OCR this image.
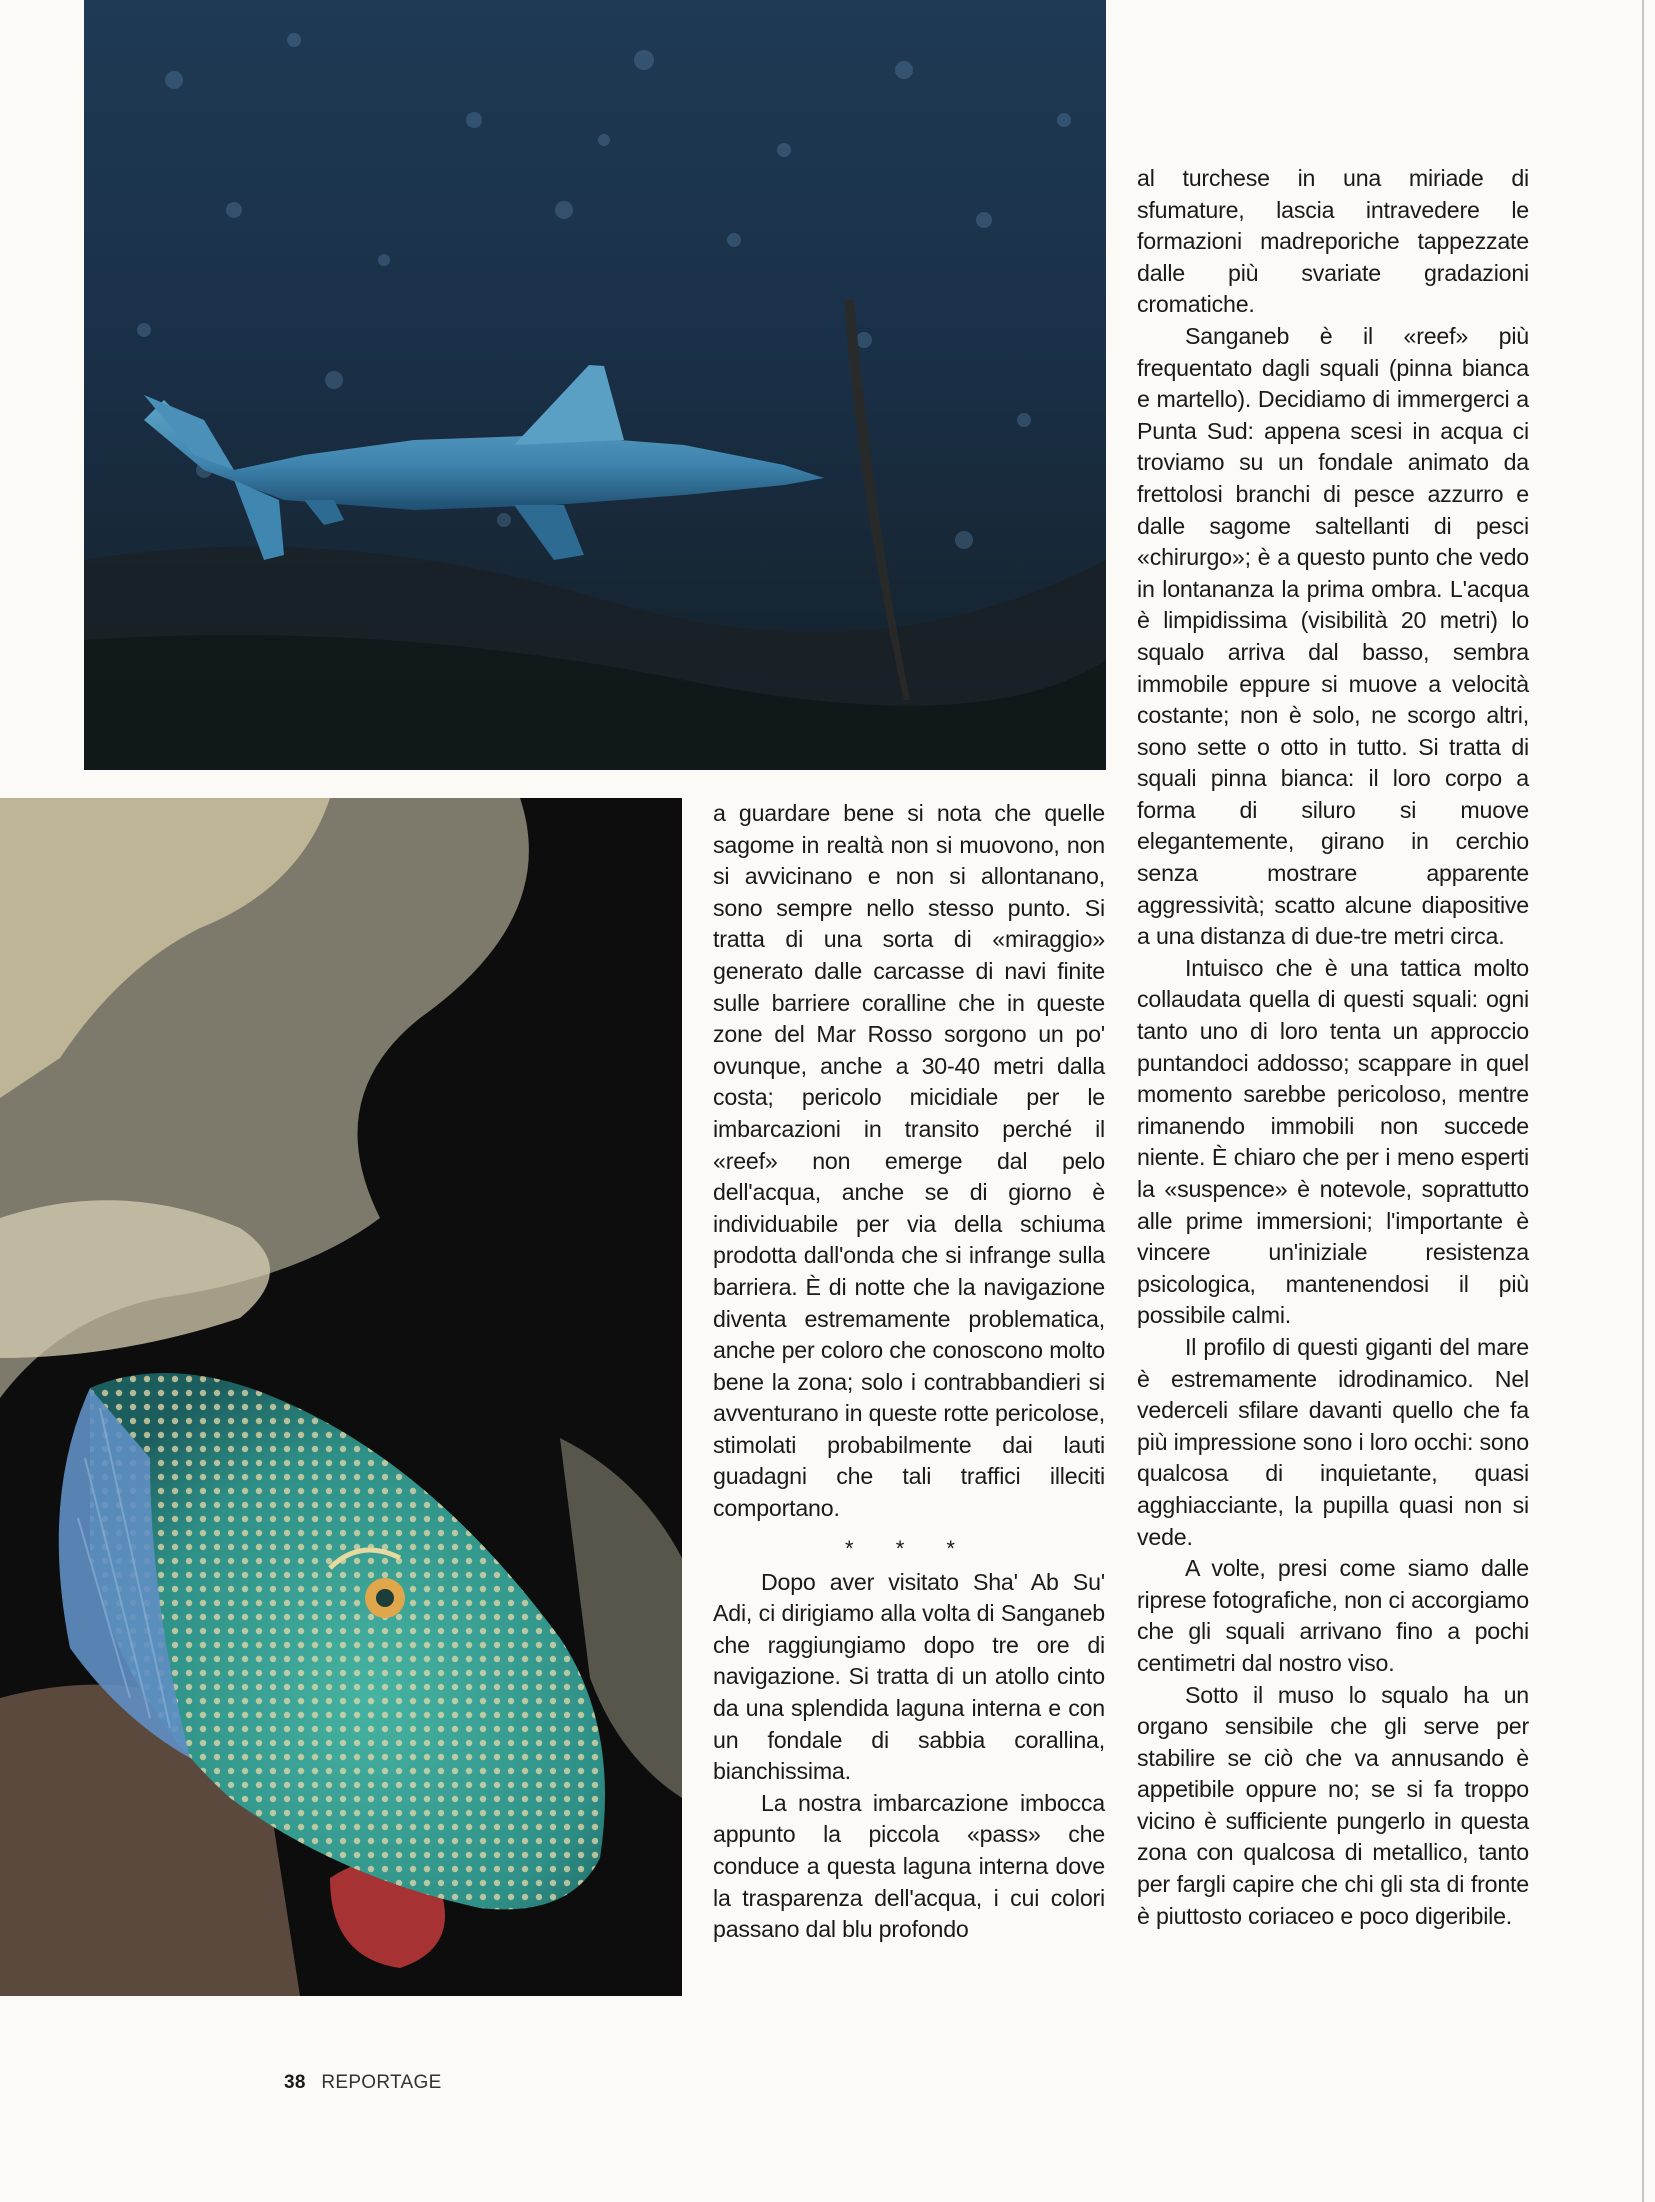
a guardare bene si nota che quelle sagome in realtà non si muovono, non si avvicinano e non si allontanano, sono sempre nello stesso punto. Si tratta di una sorta di «miraggio» generato dalle carcasse di navi finite sulle barriere coralline che in queste zone del Mar Rosso sorgono un po' ovunque, anche a 30-40 metri dalla costa; pericolo micidiale per le imbarcazioni in transito perché il «reef» non emerge dal pelo dell'acqua, anche se di giorno è individuabile per via della schiuma prodotta dall'onda che si infrange sulla barriera. È di notte che la navigazione diventa estremamente problematica, anche per coloro che conoscono molto bene la zona; solo i contrabbandieri si avventurano in queste rotte pericolose, stimolati probabilmente dai lauti guadagni che tali traffici illeciti comportano.

* * *

Dopo aver visitato Sha' Ab Su' Adi, ci dirigiamo alla volta di Sanganeb che raggiungiamo dopo tre ore di navigazione. Si tratta di un atollo cinto da una splendida laguna interna e con un fondale di sabbia corallina, bianchissima.

La nostra imbarcazione imbocca appunto la piccola «pass» che conduce a questa laguna interna dove la trasparenza dell'acqua, i cui colori passano dal blu profondo

al turchese in una miriade di sfumature, lascia intravedere le formazioni madreporiche tappezzate dalle più svariate gradazioni cromatiche.

Sanganeb è il «reef» più frequentato dagli squali (pinna bianca e martello). Decidiamo di immergerci a Punta Sud: appena scesi in acqua ci troviamo su un fondale animato da frettolosi branchi di pesce azzurro e dalle sagome saltellanti di pesci «chirurgo»; è a questo punto che vedo in lontananza la prima ombra. L'acqua è limpidissima (visibilità 20 metri) lo squalo arriva dal basso, sembra immobile eppure si muove a velocità costante; non è solo, ne scorgo altri, sono sette o otto in tutto. Si tratta di squali pinna bianca: il loro corpo a forma di siluro si muove elegantemente, girano in cerchio senza mostrare apparente aggressività; scatto alcune diapositive a una distanza di due-tre metri circa.

Intuisco che è una tattica molto collaudata quella di questi squali: ogni tanto uno di loro tenta un approccio puntandoci addosso; scappare in quel momento sarebbe pericoloso, mentre rimanendo immobili non succede niente. È chiaro che per i meno esperti la «suspence» è notevole, soprattutto alle prime immersioni; l'importante è vincere un'iniziale resistenza psicologica, mantenendosi il più possibile calmi.

Il profilo di questi giganti del mare è estremamente idrodinamico. Nel vederceli sfilare davanti quello che fa più impressione sono i loro occhi: sono qualcosa di inquietante, quasi agghiacciante, la pupilla quasi non si vede.

A volte, presi come siamo dalle riprese fotografiche, non ci accorgiamo che gli squali arrivano fino a pochi centimetri dal nostro viso.

Sotto il muso lo squalo ha un organo sensibile che gli serve per stabilire se ciò che va annusando è appetibile oppure no; se si fa troppo vicino è sufficiente pungerlo in questa zona con qualcosa di metallico, tanto per fargli capire che chi gli sta di fronte è piuttosto coriaceo e poco digeribile.

38 REPORTAGE
